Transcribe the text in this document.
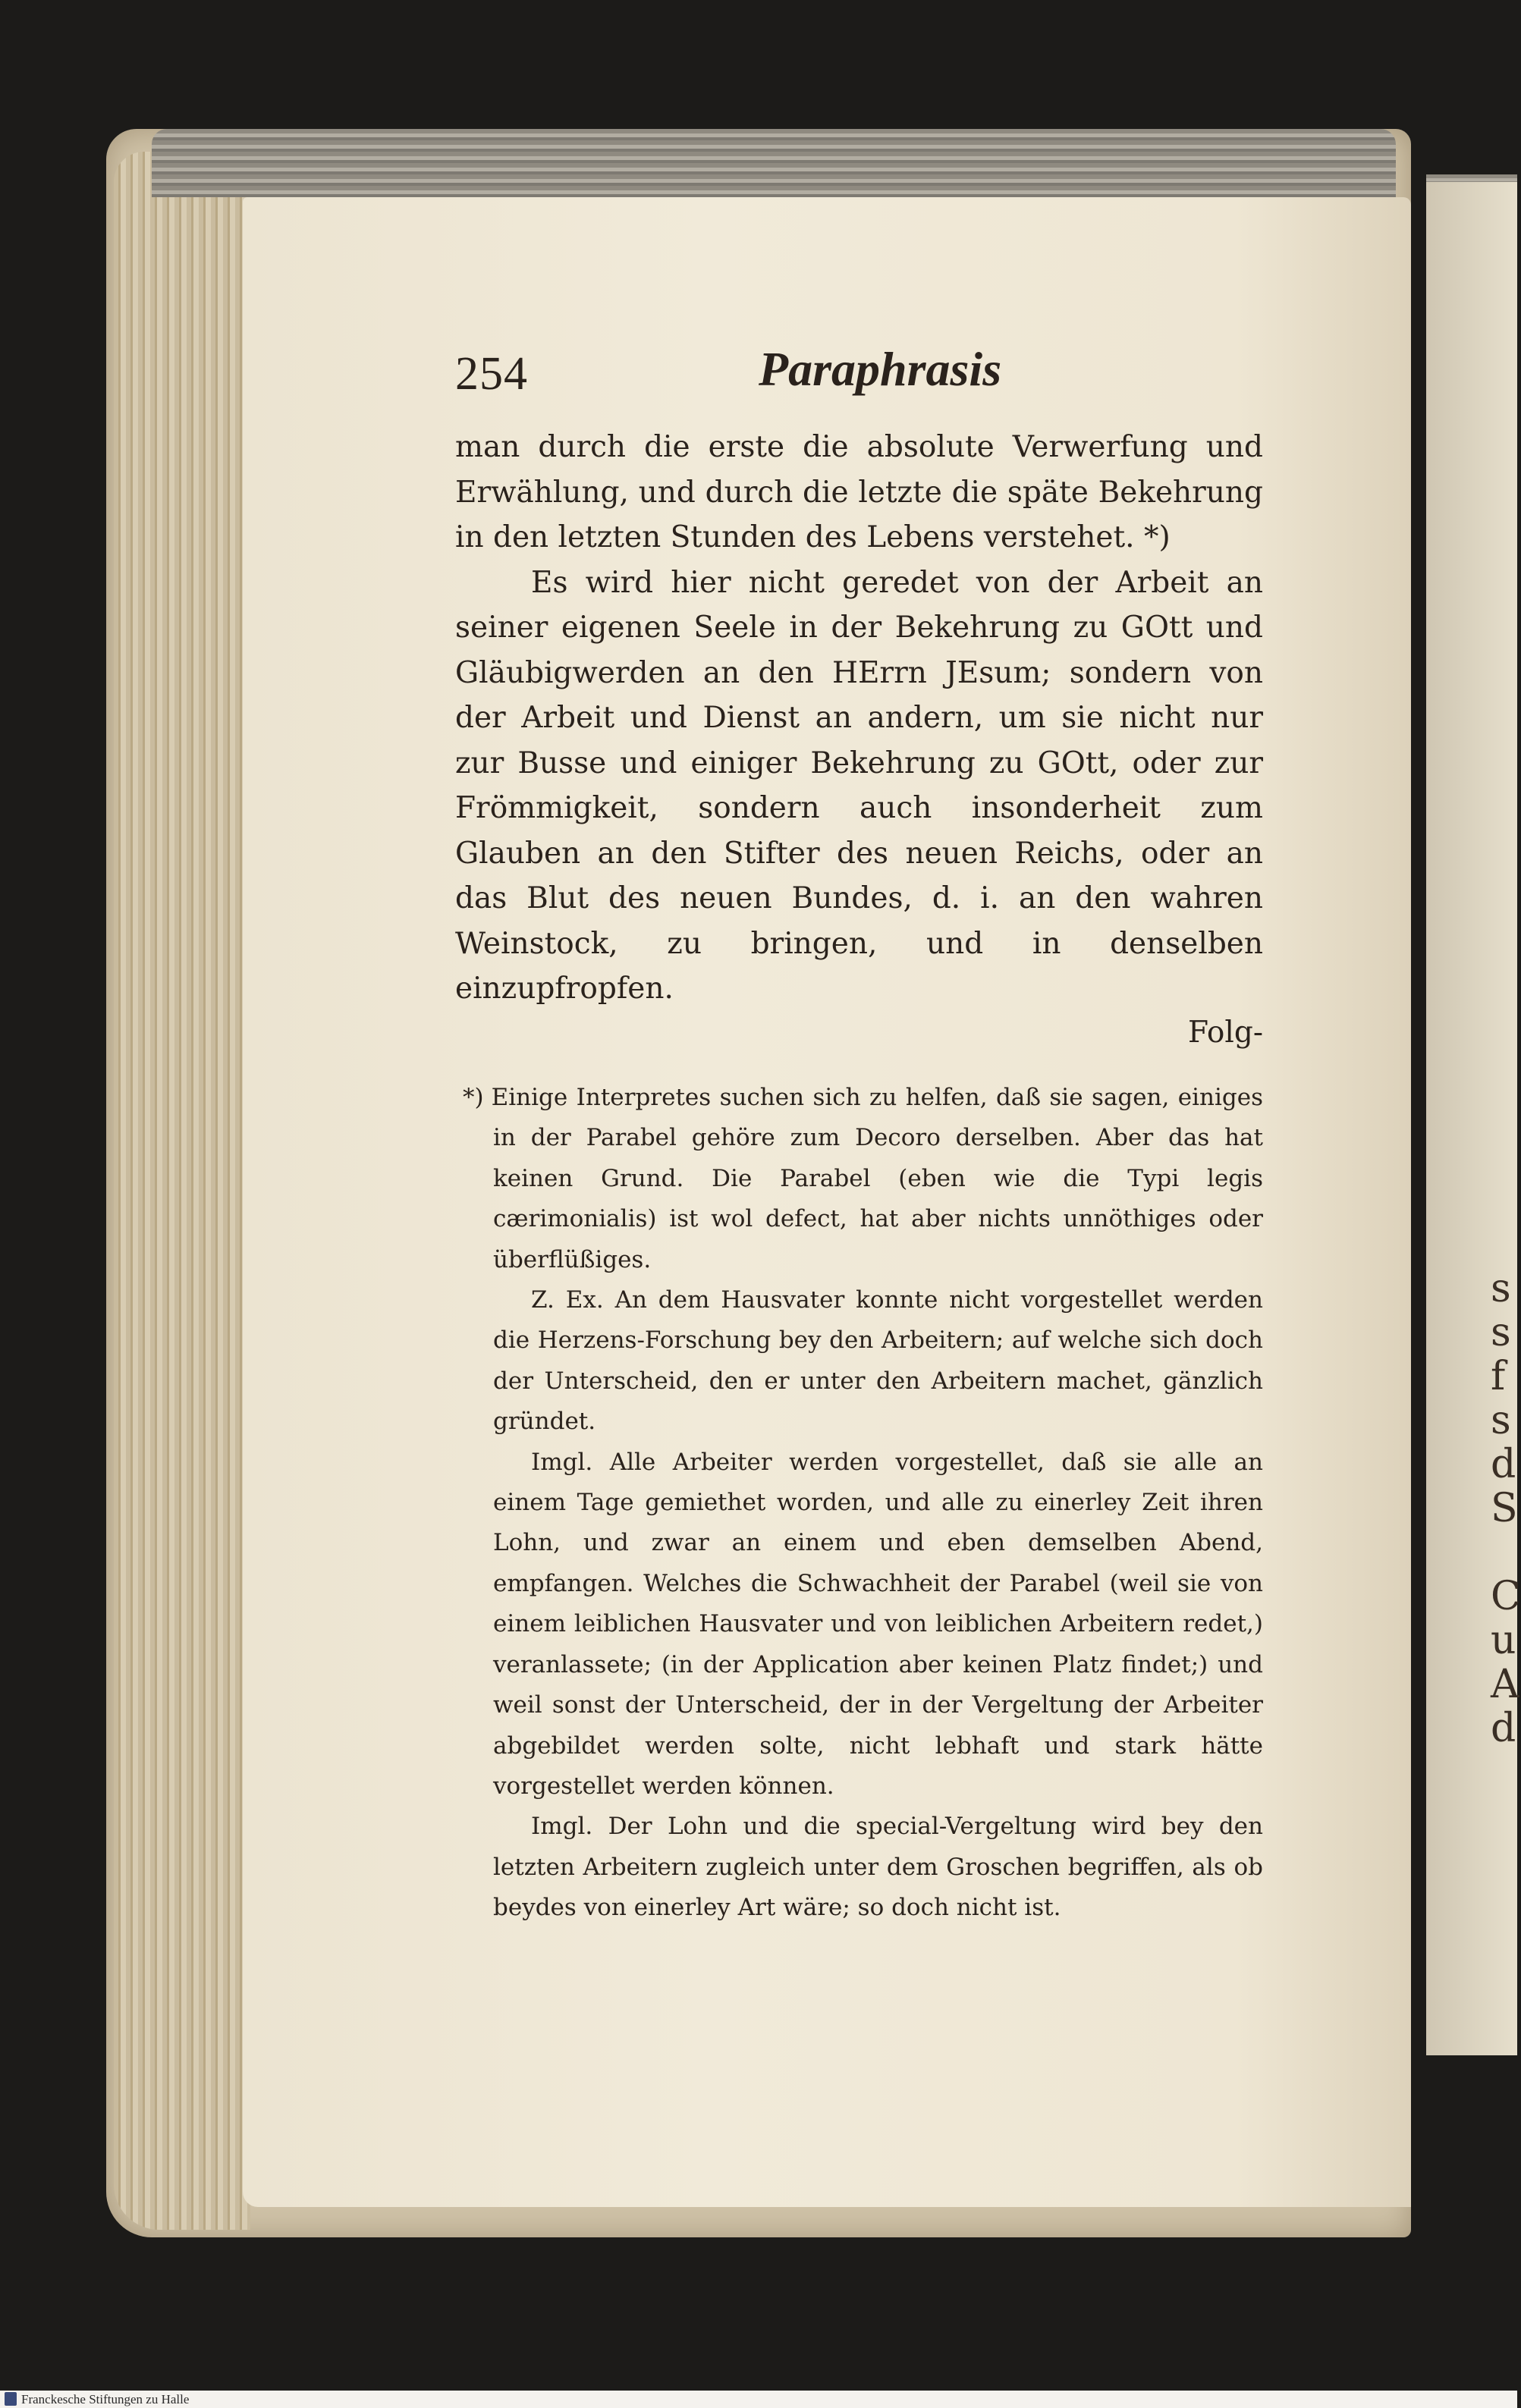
s
s
f
s
d
S
C
u
A
d
254	Paraphrasis

man durch die erste die absolute Verwerfung und Erwählung, und durch die letzte die späte Bekehrung in den letzten Stunden des Lebens verstehet. *)

Es wird hier nicht geredet von der Arbeit an seiner eigenen Seele in der Bekehrung zu GOtt und Gläubigwerden an den HErrn JEsum; sondern von der Arbeit und Dienst an andern, um sie nicht nur zur Busse und einiger Bekehrung zu GOtt, oder zur Frömmigkeit, sondern auch insonderheit zum Glauben an den Stifter des neuen Reichs, oder an das Blut des neuen Bundes, d. i. an den wahren Weinstock, zu bringen, und in denselben einzupfropfen.

Folg-

*) Einige Interpretes suchen sich zu helfen, daß sie sagen, einiges in der Parabel gehöre zum Decoro derselben. Aber das hat keinen Grund. Die Parabel (eben wie die Typi legis cærimonialis) ist wol defect, hat aber nichts unnöthiges oder überflüßiges.

Z. Ex. An dem Hausvater konnte nicht vorgestellet werden die Herzens-Forschung bey den Arbeitern; auf welche sich doch der Unterscheid, den er unter den Arbeitern machet, gänzlich gründet.

Imgl. Alle Arbeiter werden vorgestellet, daß sie alle an einem Tage gemiethet worden, und alle zu einerley Zeit ihren Lohn, und zwar an einem und eben demselben Abend, empfangen. Welches die Schwachheit der Parabel (weil sie von einem leiblichen Hausvater und von leiblichen Arbeitern redet,) veranlassete; (in der Application aber keinen Platz findet;) und weil sonst der Unterscheid, der in der Vergeltung der Arbeiter abgebildet werden solte, nicht lebhaft und stark hätte vorgestellet werden können.

Imgl. Der Lohn und die special-Vergeltung wird bey den letzten Arbeitern zugleich unter dem Groschen begriffen, als ob beydes von einerley Art wäre; so doch nicht ist.

Franckesche Stiftungen zu Halle
